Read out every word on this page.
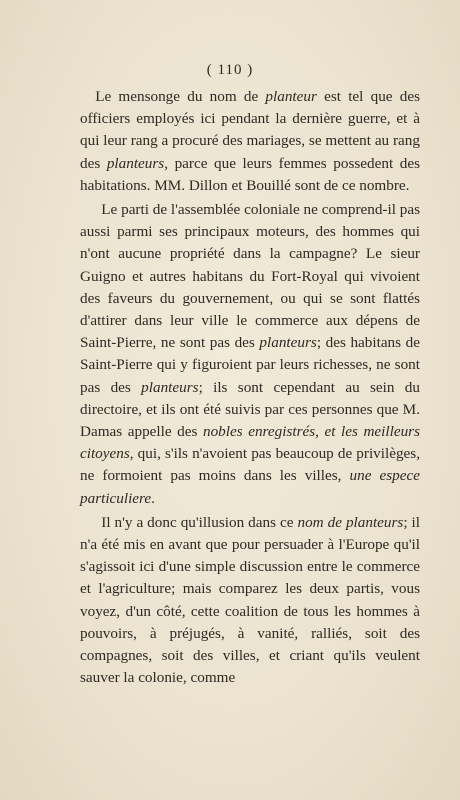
( 110 )

Le mensonge du nom de planteur est tel que des officiers employés ici pendant la dernière guerre, et à qui leur rang a procuré des mariages, se mettent au rang des planteurs, parce que leurs femmes possedent des habitations. MM. Dillon et Bouillé sont de ce nombre.

Le parti de l'assemblée coloniale ne comprend-il pas aussi parmi ses principaux moteurs, des hommes qui n'ont aucune propriété dans la campagne? Le sieur Guigno et autres habitans du Fort-Royal qui vivoient des faveurs du gouvernement, ou qui se sont flattés d'attirer dans leur ville le commerce aux dépens de Saint-Pierre, ne sont pas des planteurs; des habitans de Saint-Pierre qui y figuroient par leurs richesses, ne sont pas des planteurs; ils sont cependant au sein du directoire, et ils ont été suivis par ces personnes que M. Damas appelle des nobles enregistrés, et les meilleurs citoyens, qui, s'ils n'avoient pas beaucoup de privilèges, ne formoient pas moins dans les villes, une espece particuliere.

Il n'y a donc qu'illusion dans ce nom de planteurs; il n'a été mis en avant que pour persuader à l'Europe qu'il s'agissoit ici d'une simple discussion entre le commerce et l'agriculture; mais comparez les deux partis, vous voyez, d'un côté, cette coalition de tous les hommes à pouvoirs, à préjugés, à vanité, ralliés, soit des compagnes, soit des villes, et criant qu'ils veulent sauver la colonie, comme
